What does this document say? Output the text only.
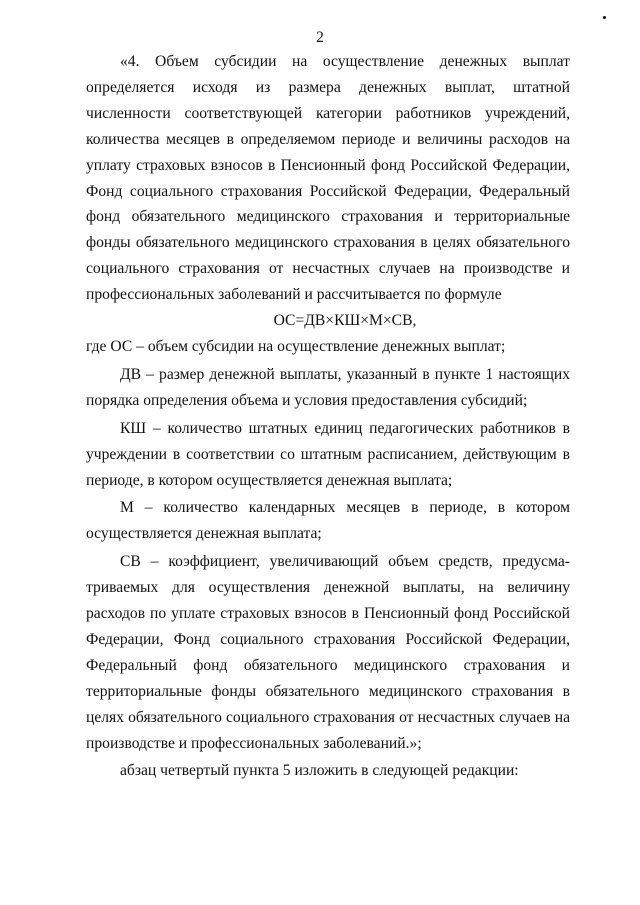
2

«4. Объем субсидии на осуществление денежных выплат определяется исходя из размера денежных выплат, штатной численности соответствующей категории работников учреждений, количества месяцев в определяемом периоде и величины расходов на уплату страховых взносов в Пенсионный фонд Российской Федерации, Фонд социального страхования Российской Федерации, Федеральный фонд обязательного медицинского страхования и территориальные фонды обязательного медицинского страхования в целях обязательного социального страхования от несчастных случаев на производстве и профессиональных заболеваний и рассчитывается по формуле

ОС=ДВ×КШ×М×СВ,

где ОС – объем субсидии на осуществление денежных выплат;

ДВ – размер денежной выплаты, указанный в пункте 1 настоящих порядка определения объема и условия предоставления субсидий;

КШ – количество штатных единиц педагогических работников в учреждении в соответствии со штатным расписанием, действующим в периоде, в котором осуществляется денежная выплата;

М – количество календарных месяцев в периоде, в котором осуществляется денежная выплата;

СВ – коэффициент, увеличивающий объем средств, предусматриваемых для осуществления денежной выплаты, на величину расходов по уплате страховых взносов в Пенсионный фонд Российской Федерации, Фонд социального страхования Российской Федерации, Федеральный фонд обязательного медицинского страхования и территориальные фонды обязательного медицинского страхования в целях обязательного социального страхования от несчастных случаев на производстве и профессиональных заболеваний.»;

абзац четвертый пункта 5 изложить в следующей редакции:
